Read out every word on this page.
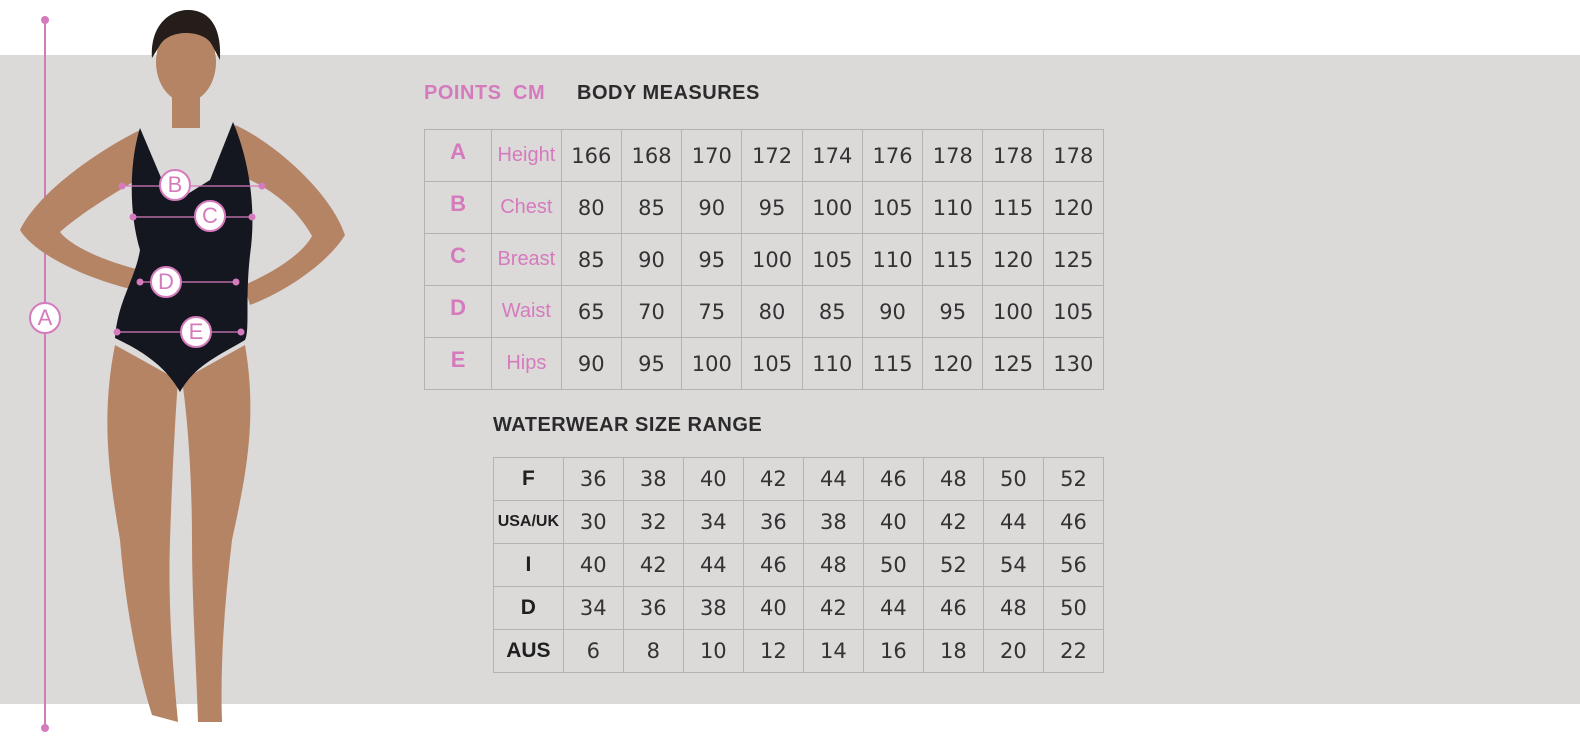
A
B
C
D
E
POINTS CM BODY MEASURES
A	Height	166	168	170	172	174	176	178	178	178
B	Chest	80	85	90	95	100	105	110	115	120
C	Breast	85	90	95	100	105	110	115	120	125
D	Waist	65	70	75	80	85	90	95	100	105
E	Hips	90	95	100	105	110	115	120	125	130
WATERWEAR SIZE RANGE
F	36	38	40	42	44	46	48	50	52
USA/UK	30	32	34	36	38	40	42	44	46
I	40	42	44	46	48	50	52	54	56
D	34	36	38	40	42	44	46	48	50
AUS	6	8	10	12	14	16	18	20	22
